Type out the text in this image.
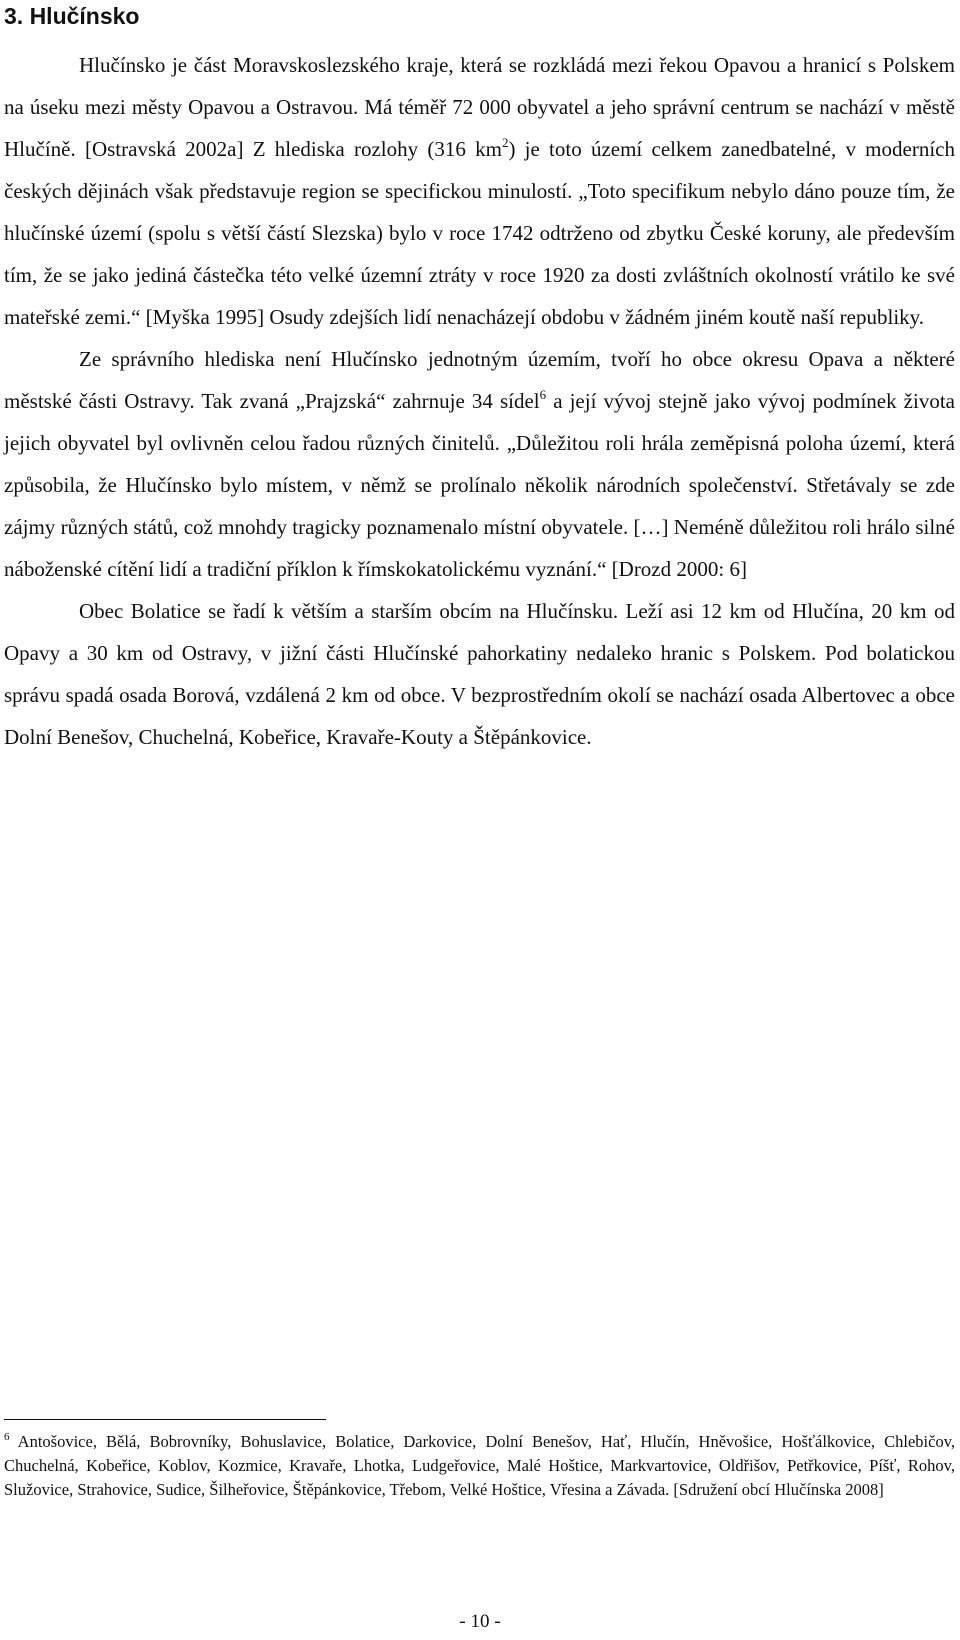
3. Hlučínsko

Hlučínsko je část Moravskoslezského kraje, která se rozkládá mezi řekou Opavou a hranicí s Polskem na úseku mezi městy Opavou a Ostravou. Má téměř 72 000 obyvatel a jeho správní centrum se nachází v městě Hlučíně. [Ostravská 2002a] Z hlediska rozlohy (316 $km^2$) je toto území celkem zanedbatelné, v moderních českých dějinách však představuje region se specifickou minulostí. „Toto specifikum nebylo dáno pouze tím, že hlučínské území (spolu s větší částí Slezska) bylo v roce 1742 odtrženo od zbytku České koruny, ale především tím, že se jako jediná částečka této velké územní ztráty v roce 1920 za dosti zvláštních okolností vrátilo ke své mateřské zemi.“ [Myška 1995] Osudy zdejších lidí nenacházejí obdobu v žádném jiném koutě naší republiky.

Ze správního hlediska není Hlučínsko jednotným územím, tvoří ho obce okresu Opava a některé městské části Ostravy. Tak zvaná „Prajzská“ zahrnuje 34 sídel$^6$ a její vývoj stejně jako vývoj podmínek života jejich obyvatel byl ovlivněn celou řadou různých činitelů. „Důležitou roli hrála zeměpisná poloha území, která způsobila, že Hlučínsko bylo místem, v němž se prolínalo několik národních společenství. Střetávaly se zde zájmy různých států, což mnohdy tragicky poznamenalo místní obyvatele. […] Neméně důležitou roli hrálo silné náboženské cítění lidí a tradiční příklon k římskokatolickému vyznání.“ [Drozd 2000: 6]

Obec Bolatice se řadí k větším a starším obcím na Hlučínsku. Leží asi 12 km od Hlučína, 20 km od Opavy a 30 km od Ostravy, v jižní části Hlučínské pahorkatiny nedaleko hranic s Polskem. Pod bolatickou správu spadá osada Borová, vzdálená 2 km od obce. V bezprostředním okolí se nachází osada Albertovec a obce Dolní Benešov, Chuchelná, Kobeřice, Kravaře-Kouty a Štěpánkovice.

$^6$ Antošovice, Bělá, Bobrovníky, Bohuslavice, Bolatice, Darkovice, Dolní Benešov, Hať, Hlučín, Hněvošice, Hošťálkovice, Chlebičov, Chuchelná, Kobeřice, Koblov, Kozmice, Kravaře, Lhotka, Ludgeřovice, Malé Hoštice, Markvartovice, Oldřišov, Petřkovice, Píšť, Rohov, Služovice, Strahovice, Sudice, Šilheřovice, Štěpánkovice, Třebom, Velké Hoštice, Vřesina a Závada. [Sdružení obcí Hlučínska 2008]

- 10 -
